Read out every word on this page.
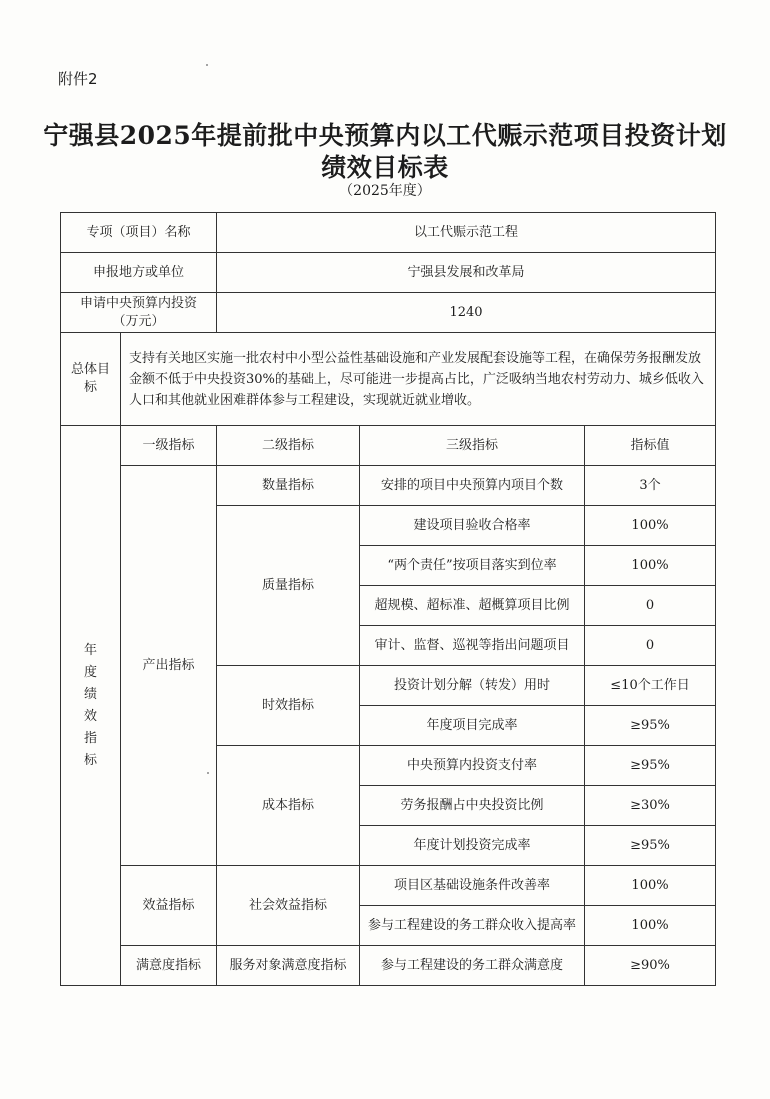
附件2
宁强县2025年提前批中央预算内以工代赈示范项目投资计划
绩效目标表
（2025年度）
专项（项目）名称		以工代赈示范工程		
申报地方或单位		宁强县发展和改革局		

申请中央预算内投资
（万元）		1240		
总体目标	支持有关地区实施一批农村中小型公益性基础设施和产业发展配套设施等工程，在确保劳务报酬发放金额不低于中央投资30%的基础上，尽可能进一步提高占比，广泛吸纳当地农村劳动力、城乡低收入人口和其他就业困难群体参与工程建设，实现就近就业增收。			

年度绩效指标	一级指标	二级指标	三级指标	指标值
	产出指标	数量指标	安排的项目中央预算内项目个数	3个
		质量指标	建设项目验收合格率	100%
			“两个责任”按项目落实到位率	100%
			超规模、超标准、超概算项目比例	0
			审计、监督、巡视等指出问题项目	0
		时效指标	投资计划分解（转发）用时	≤10个工作日
			年度项目完成率	≥95%
		成本指标	中央预算内投资支付率	≥95%
			劳务报酬占中央投资比例	≥30%
			年度计划投资完成率	≥95%
	效益指标	社会效益指标	项目区基础设施条件改善率	100%
			参与工程建设的务工群众收入提高率	100%
	满意度指标	服务对象满意度指标	参与工程建设的务工群众满意度	≥90%
